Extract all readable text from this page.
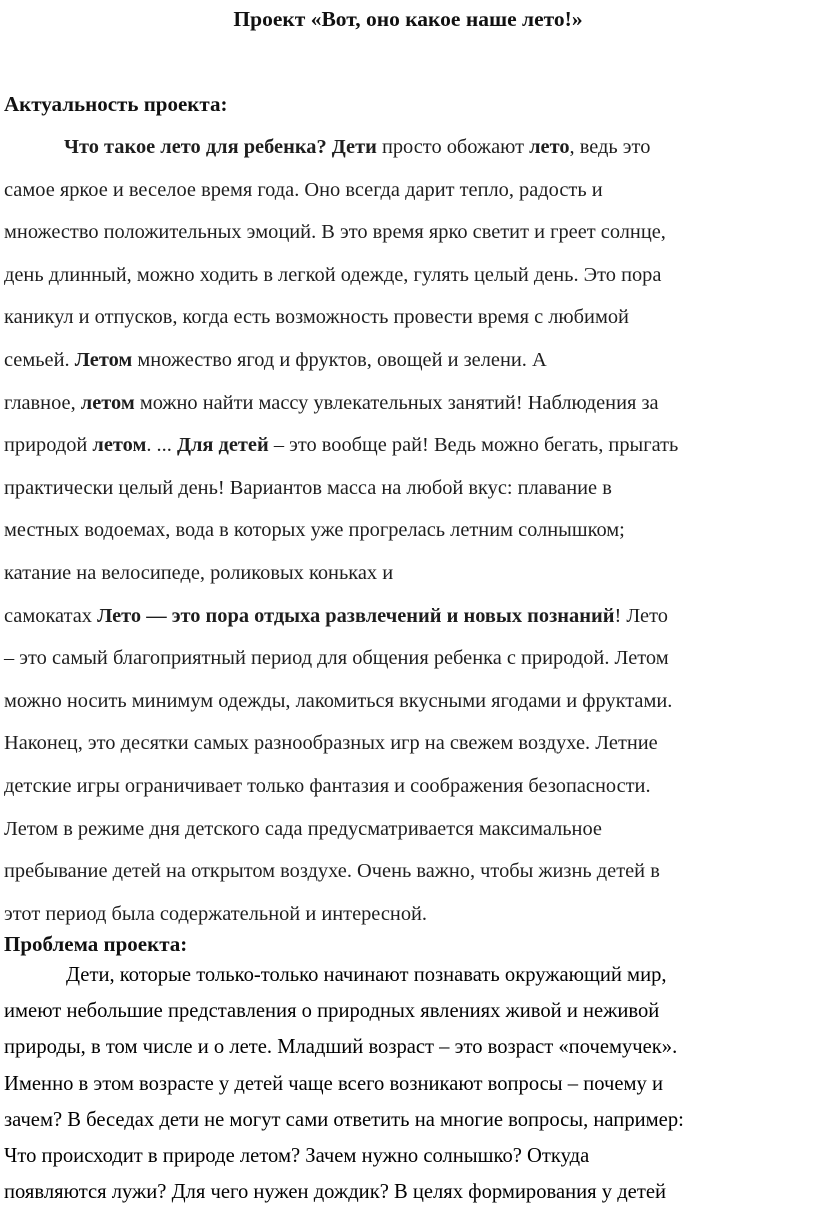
Проект «Вот, оно какое наше лето!»
Актуальность проекта:
Что такое лето для ребенка? Дети просто обожают лето, ведь это
самое яркое и веселое время года. Оно всегда дарит тепло, радость и
множество положительных эмоций. В это время ярко светит и греет солнце,
день длинный, можно ходить в легкой одежде, гулять целый день. Это пора
каникул и отпусков, когда есть возможность провести время с любимой
семьей. Летом множество ягод и фруктов, овощей и зелени. А
главное, летом можно найти массу увлекательных занятий! Наблюдения за
природой летом. ... Для детей – это вообще рай! Ведь можно бегать, прыгать
практически целый день! Вариантов масса на любой вкус: плавание в
местных водоемах, вода в которых уже прогрелась летним солнышком;
катание на велосипеде, роликовых коньках и
самокатах Лето — это пора отдыха развлечений и новых познаний! Лето
– это самый благоприятный период для общения ребенка с природой. Летом
можно носить минимум одежды, лакомиться вкусными ягодами и фруктами.
Наконец, это десятки самых разнообразных игр на свежем воздухе. Летние
детские игры ограничивает только фантазия и соображения безопасности.
Летом в режиме дня детского сада предусматривается максимальное
пребывание детей на открытом воздухе. Очень важно, чтобы жизнь детей в
этот период была содержательной и интересной.
Проблема проекта:
Дети, которые только-только начинают познавать окружающий мир,
имеют небольшие представления о природных явлениях живой и неживой
природы, в том числе и о лете. Младший возраст – это возраст «почемучек».
Именно в этом возрасте у детей чаще всего возникают вопросы – почему и
зачем? В беседах дети не могут сами ответить на многие вопросы, например:
Что происходит в природе летом? Зачем нужно солнышко? Откуда
появляются лужи? Для чего нужен дождик? В целях формирования у детей
